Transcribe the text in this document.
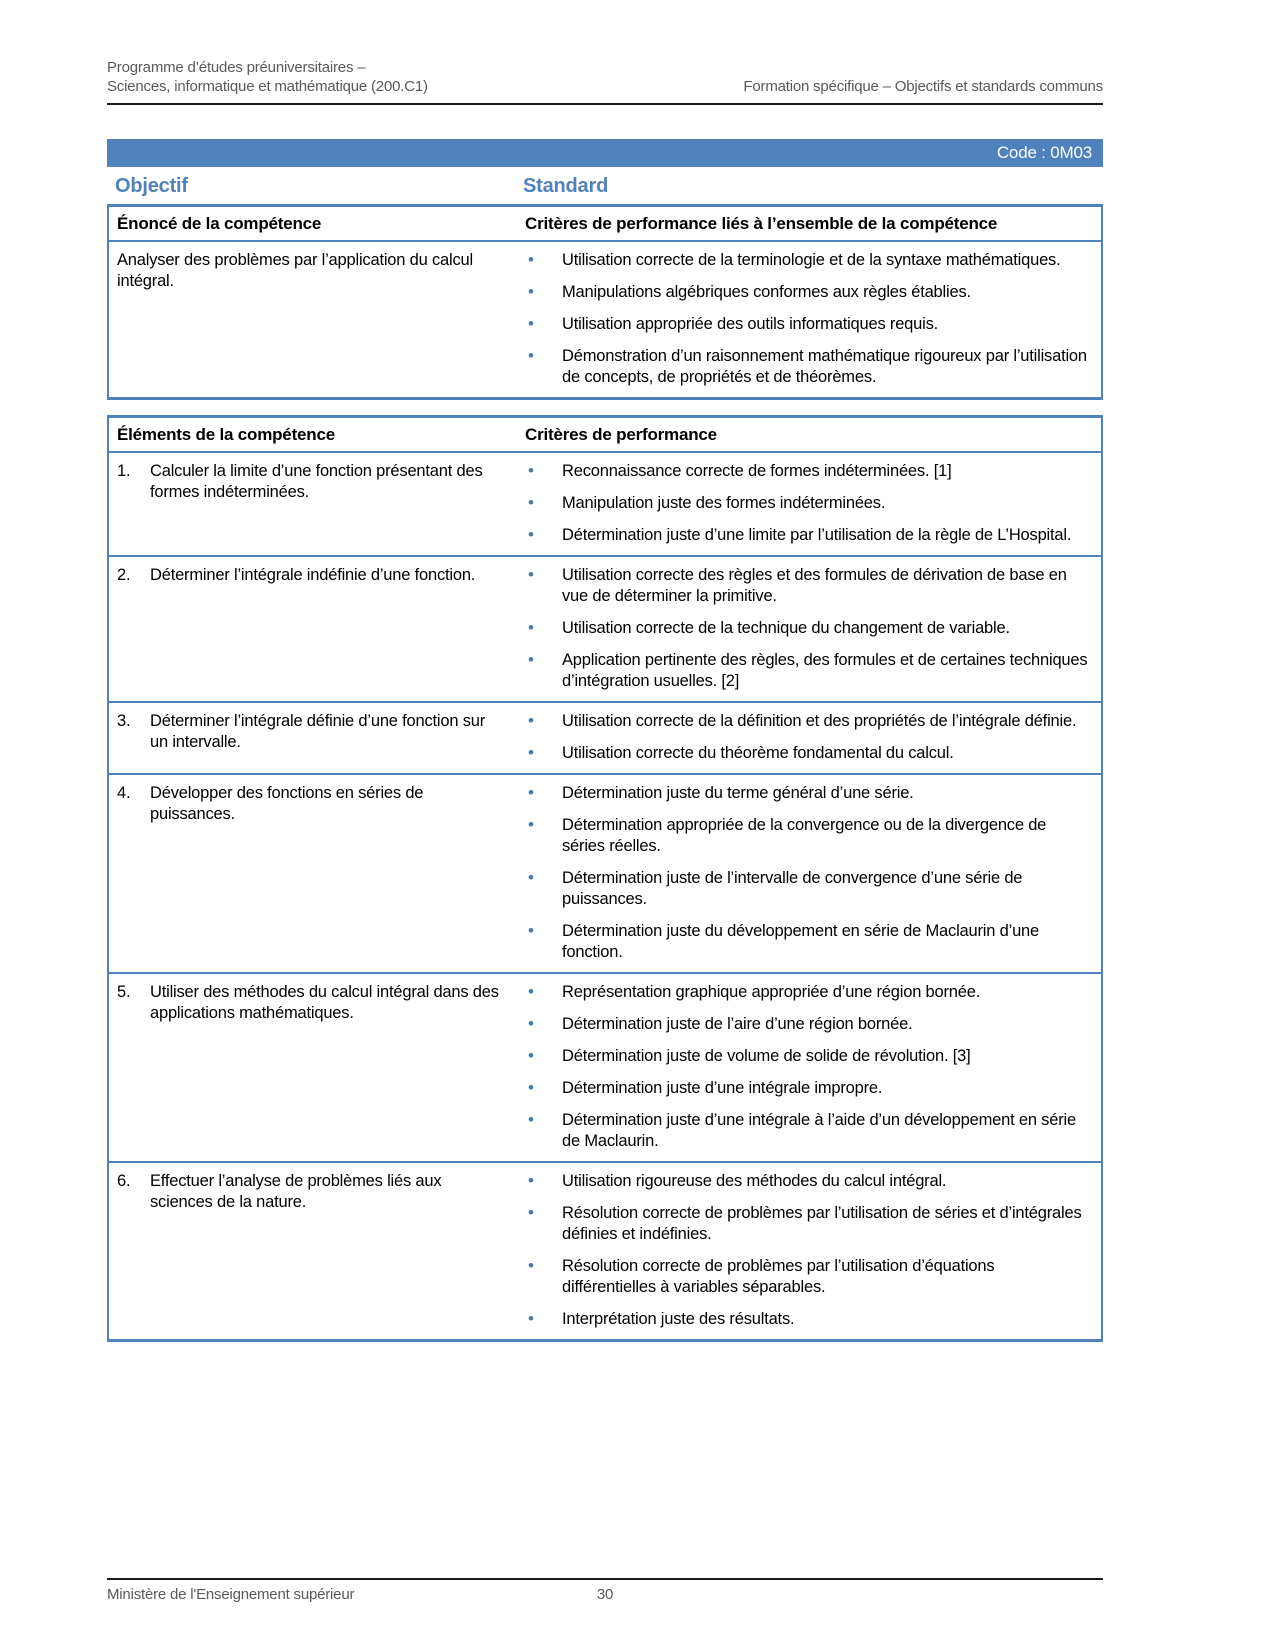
Programme d’études préuniversitaires –
Sciences, informatique et mathématique (200.C1)	Formation spécifique – Objectifs et standards communs
Code : 0M03
Objectif	Standard
Énoncé de la compétence	Critères de performance liés à l’ensemble de la compétence
Analyser des problèmes par l’application du calcul intégral.
• Utilisation correcte de la terminologie et de la syntaxe mathématiques.
• Manipulations algébriques conformes aux règles établies.
• Utilisation appropriée des outils informatiques requis.
• Démonstration d’un raisonnement mathématique rigoureux par l’utilisation de concepts, de propriétés et de théorèmes.
Éléments de la compétence	Critères de performance
1.	Calculer la limite d’une fonction présentant des formes indéterminées.
• Reconnaissance correcte de formes indéterminées. [1]
• Manipulation juste des formes indéterminées.
• Détermination juste d’une limite par l’utilisation de la règle de L’Hospital.
2.	Déterminer l’intégrale indéfinie d’une fonction.	• Utilisation correcte des règles et des formules de dérivation de base en vue de déterminer la primitive.
• Utilisation correcte de la technique du changement de variable.
• Application pertinente des règles, des formules et de certaines techniques d’intégration usuelles. [2]
3.	Déterminer l’intégrale définie d’une fonction sur un intervalle.
• Utilisation correcte de la définition et des propriétés de l’intégrale définie.
• Utilisation correcte du théorème fondamental du calcul.
4.	Développer des fonctions en séries de puissances.
• Détermination juste du terme général d’une série.
• Détermination appropriée de la convergence ou de la divergence de séries réelles.
• Détermination juste de l’intervalle de convergence d’une série de puissances.
• Détermination juste du développement en série de Maclaurin d’une fonction.
5.	Utiliser des méthodes du calcul intégral dans des applications mathématiques.
• Représentation graphique appropriée d’une région bornée.
• Détermination juste de l’aire d’une région bornée.
• Détermination juste de volume de solide de révolution. [3]
• Détermination juste d’une intégrale impropre.
• Détermination juste d’une intégrale à l’aide d’un développement en série de Maclaurin.
6.	Effectuer l’analyse de problèmes liés aux sciences de la nature.
• Utilisation rigoureuse des méthodes du calcul intégral.
• Résolution correcte de problèmes par l’utilisation de séries et d’intégrales définies et indéfinies.
• Résolution correcte de problèmes par l’utilisation d’équations différentielles à variables séparables.
• Interprétation juste des résultats.
Ministère de l'Enseignement supérieur	30
